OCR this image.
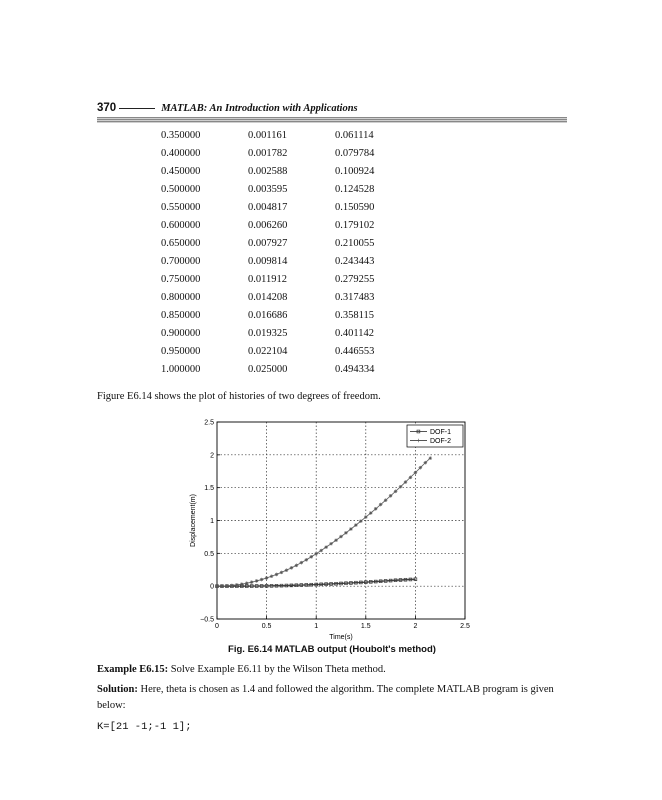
370	MATLAB: An Introduction with Applications
0.350000	0.001161	0.061114
0.400000	0.001782	0.079784
0.450000	0.002588	0.100924
0.500000	0.003595	0.124528
0.550000	0.004817	0.150590
0.600000	0.006260	0.179102
0.650000	0.007927	0.210055
0.700000	0.009814	0.243443
0.750000	0.011912	0.279255
0.800000	0.014208	0.317483
0.850000	0.016686	0.358115
0.900000	0.019325	0.401142
0.950000	0.022104	0.446553
1.000000	0.025000	0.494334
Figure E6.14 shows the plot of histories of two degrees of freedom.
0	0.5	1	1.5	2	2.5
−0.5
0
0.5
1
1.5
2
2.5
DOF-1
DOF-2
Time(s)
Displacement(m)
Fig. E6.14 MATLAB output (Houbolt's method)
Example E6.15: Solve Example E6.11 by the Wilson Theta method.
Solution: Here, theta is chosen as 1.4 and followed the algorithm. The complete MATLAB program is given below:
K=[21 -1;-1 1];
